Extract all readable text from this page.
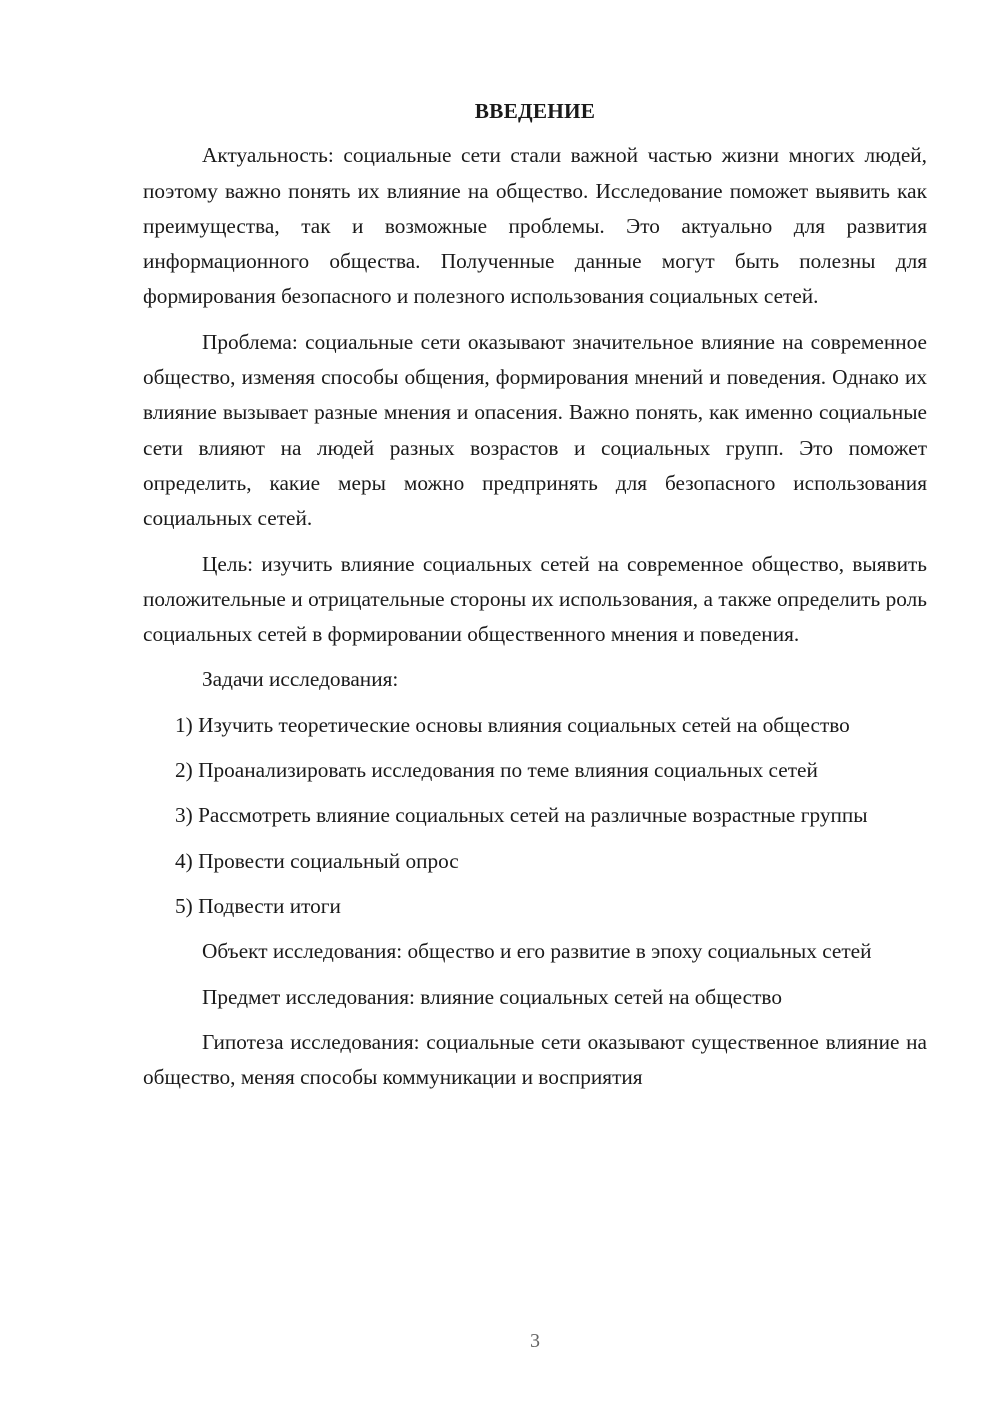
ВВЕДЕНИЕ

Актуальность: социальные сети стали важной частью жизни многих людей, поэтому важно понять их влияние на общество. Исследование поможет выявить как преимущества, так и возможные проблемы. Это актуально для развития информационного общества. Полученные данные могут быть полезны для формирования безопасного и полезного использования социальных сетей.

Проблема: социальные сети оказывают значительное влияние на современное общество, изменяя способы общения, формирования мнений и поведения. Однако их влияние вызывает разные мнения и опасения. Важно понять, как именно социальные сети влияют на людей разных возрастов и социальных групп. Это поможет определить, какие меры можно предпринять для безопасного использования социальных сетей.

Цель: изучить влияние социальных сетей на современное общество, выявить положительные и отрицательные стороны их использования, а также определить роль социальных сетей в формировании общественного мнения и поведения.

Задачи исследования:

1) Изучить теоретические основы влияния социальных сетей на общество

2) Проанализировать исследования по теме влияния социальных сетей

3) Рассмотреть влияние социальных сетей на различные возрастные группы

4) Провести социальный опрос

5) Подвести итоги

Объект исследования: общество и его развитие в эпоху социальных сетей

Предмет исследования: влияние социальных сетей на общество

Гипотеза исследования: социальные сети оказывают существенное влияние на общество, меняя способы коммуникации и восприятия

3
